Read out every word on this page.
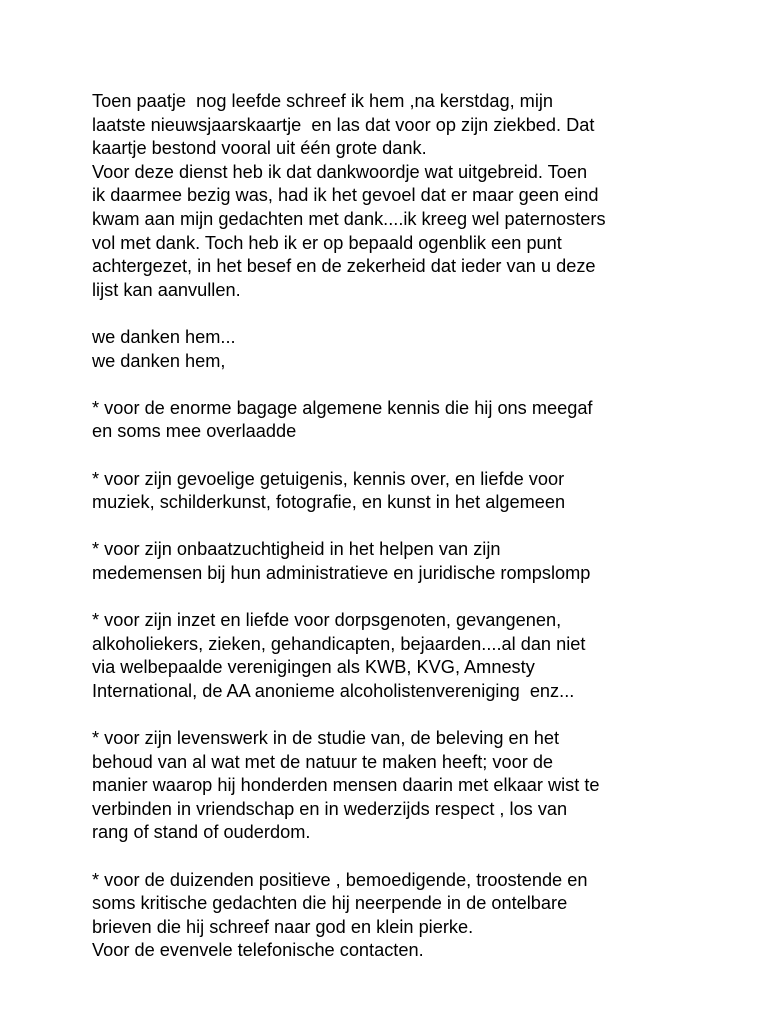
Toen paatje  nog leefde schreef ik hem ,na kerstdag, mijn
laatste nieuwsjaarskaartje  en las dat voor op zijn ziekbed. Dat
kaartje bestond vooral uit één grote dank.
Voor deze dienst heb ik dat dankwoordje wat uitgebreid. Toen
ik daarmee bezig was, had ik het gevoel dat er maar geen eind
kwam aan mijn gedachten met dank....ik kreeg wel paternosters
vol met dank. Toch heb ik er op bepaald ogenblik een punt
achtergezet, in het besef en de zekerheid dat ieder van u deze
lijst kan aanvullen.

we danken hem...
we danken hem,

* voor de enorme bagage algemene kennis die hij ons meegaf
en soms mee overlaadde

* voor zijn gevoelige getuigenis, kennis over, en liefde voor
muziek, schilderkunst, fotografie, en kunst in het algemeen

* voor zijn onbaatzuchtigheid in het helpen van zijn
medemensen bij hun administratieve en juridische rompslomp

* voor zijn inzet en liefde voor dorpsgenoten, gevangenen,
alkoholiekers, zieken, gehandicapten, bejaarden....al dan niet
via welbepaalde verenigingen als KWB, KVG, Amnesty
International, de AA anonieme alcoholistenvereniging  enz...

* voor zijn levenswerk in de studie van, de beleving en het
behoud van al wat met de natuur te maken heeft; voor de
manier waarop hij honderden mensen daarin met elkaar wist te
verbinden in vriendschap en in wederzijds respect , los van
rang of stand of ouderdom.

* voor de duizenden positieve , bemoedigende, troostende en
soms kritische gedachten die hij neerpende in de ontelbare
brieven die hij schreef naar god en klein pierke.
Voor de evenvele telefonische contacten.
